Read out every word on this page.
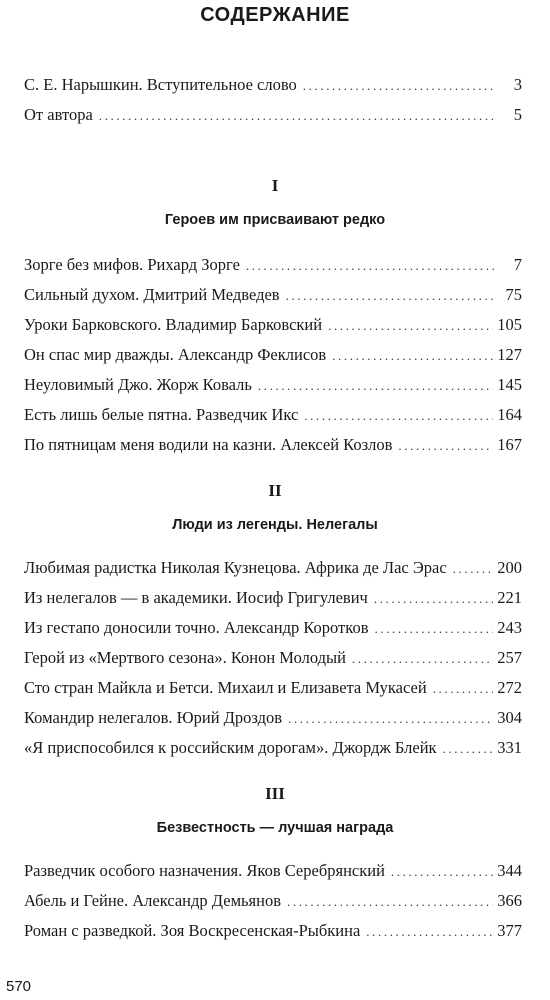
СОДЕРЖАНИЕ
С. Е. Нарышкин. Вступительное слово .....	3
От автора .....	5
I
Героев им присваивают редко
Зорге без мифов. Рихард Зорге .....	7
Сильный духом. Дмитрий Медведев .....	75
Уроки Барковского. Владимир Барковский .....	105
Он спас мир дважды. Александр Феклисов .....	127
Неуловимый Джо. Жорж Коваль .....	145
Есть лишь белые пятна. Разведчик Икс .....	164
По пятницам меня водили на казни. Алексей Козлов .....	167
II
Люди из легенды. Нелегалы
Любимая радистка Николая Кузнецова. Африка де Лас Эрас .....	200
Из нелегалов — в академики. Иосиф Григулевич .....	221
Из гестапо доносили точно. Александр Коротков .....	243
Герой из «Мертвого сезона». Конон Молодый .....	257
Сто стран Майкла и Бетси. Михаил и Елизавета Мукасей .....	272
Командир нелегалов. Юрий Дроздов .....	304
«Я приспособился к российским дорогам». Джордж Блейк .....	331
III
Безвестность — лучшая награда
Разведчик особого назначения. Яков Серебрянский .....	344
Абель и Гейне. Александр Демьянов .....	366
Роман с разведкой. Зоя Воскресенская-Рыбкина .....	377
570
